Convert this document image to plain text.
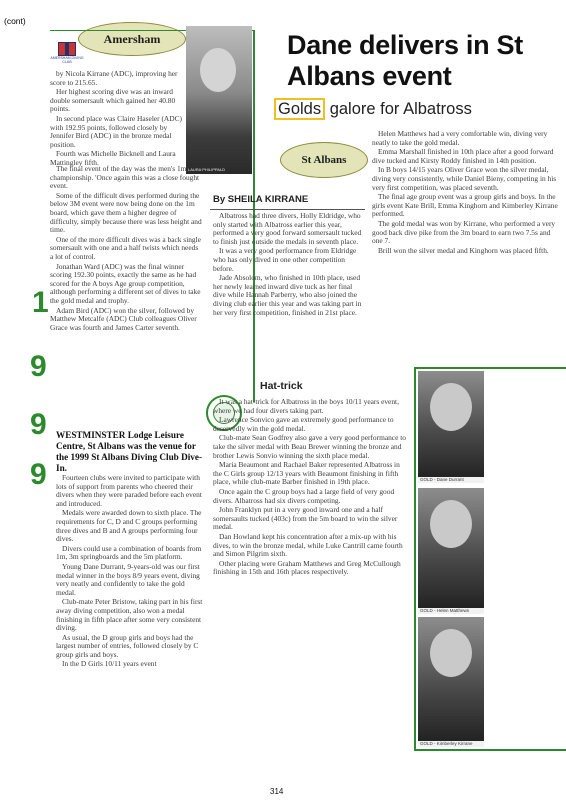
(cont)
AMERSHAM DIVING CLUB
Amersham
LAURA PHILIPPALD

by Nicola Kirrane (ADC), improving her score to 215.65.

Her highest scoring dive was an inward double somersault which gained her 40.80 points.

In second place was Claire Haseler (ADC) with 192.95 points, followed closely by Jennifer Bird (ADC) in the bronze medal position.

Fourth was Michelle Bicknell and Laura Mattingley fifth.

The final event of the day was the men's 1m championship. 'Once again this was a close fought event.

Some of the difficult dives performed during the below 3M event were now being done on the 1m board, which gave them a higher degree of difficulty, simply because there was less height and time.

One of the more difficult dives was a back single somersault with one and a half twists which needs a lot of control.

Jonathan Ward (ADC) was the final winner scoring 192.30 points, exactly the same as he had scored for the A boys Age group competition, although performing a different set of dives to take the gold medal and trophy.

Adam Bird (ADC) won the silver, followed by Matthew Metcalfe (ADC) Club colleagues Oliver Grace was fourth and James Carter seventh.

1
9
9
9
WESTMINSTER Lodge Leisure Centre, St Albans was the venue for the 1999 St Albans Diving Club Dive-In.

Fourteen clubs were invited to participate with lots of support from parents who cheered their divers when they were paraded before each event and introduced.

Medals were awarded down to sixth place. The requirements for C, D and C groups performing three dives and B and A groups performing four dives.

Divers could use a combination of boards from 1m, 3m springboards and the 5m platform.

Young Dane Durrant, 9-years-old was our first medal winner in the boys 8/9 years event, diving very neatly and confidently to take the gold medal.

Club-mate Peter Bristow, taking part in his first away diving competition, also won a medal finishing in fifth place after some very consistent diving.

As usual, the D group girls and boys had the largest number of entries, followed closely by C group girls and boys.

In the D Girls 10/11 years event

Dane delivers in St Albans event
Golds galore for Albatross
St Albans
By SHEILA KIRRANE

Albatross had three divers, Holly Eldridge, who only started with Albatross earlier this year, performed a very good forward somersault tucked to finish just outside the medals in seventh place.

It was a very good performance from Eldridge who has only dived in one other competition before.

Jade Absolom, who finished in 10th place, used her newly learned inward dive tuck as her final dive while Hannah Parberry, who also joined the diving club earlier this year and was taking part in her very first competition, finished in 21st place.

Hat-trick

It was a hat-trick for Albatross in the boys 10/11 years event, where we had four divers taking part.

Lawrence Sonvico gave an extremely good performance to deservedly win the gold medal.

Club-mate Sean Godfrey also gave a very good performance to take the silver medal with Beau Brewer winning the bronze and brother Lewis Sonvio winning the sixth place medal.

Maria Beaumont and Rachael Baker represented Albatross in the C Girls group 12/13 years with Beaumont finishing in fifth place, while club-mate Barber finished in 19th place.

Once again the C group boys had a large field of very good divers. Albatross had six divers competing.

John Franklyn put in a very good inward one and a half somersaults tucked (403c) from the 5m board to win the silver medal.

Dan Howland kept his concentration after a mix-up with his dives, to win the bronze medal, while Luke Cantrill came fourth and Simon Pilgrim sixth.

Other placing were Graham Matthews and Greg McCullough finishing in 15th and 16th places respectively.

Helen Matthews had a very comfortable win, diving very neatly to take the gold medal.

Emma Marshall finished in 10th place after a good forward dive tucked and Kirsty Roddy finished in 14th position.

In B boys 14/15 years Oliver Grace won the silver medal, diving very consistently, while Daniel Bieny, competing in his very first competition, was placed seventh.

The final age group event was a group girls and boys. In the girls event Kate Brill, Emma Kinghorn and Kimberley Kirrane performed.

The gold medal was won by Kirrane, who performed a very good back dive pike from the 3m board to earn two 7.5s and one 7.

Brill won the silver medal and Kinghorn was placed fifth.

GOLD - Dane Durrant
GOLD - Helen Matthews
GOLD - Kimberley Kirrane
314
